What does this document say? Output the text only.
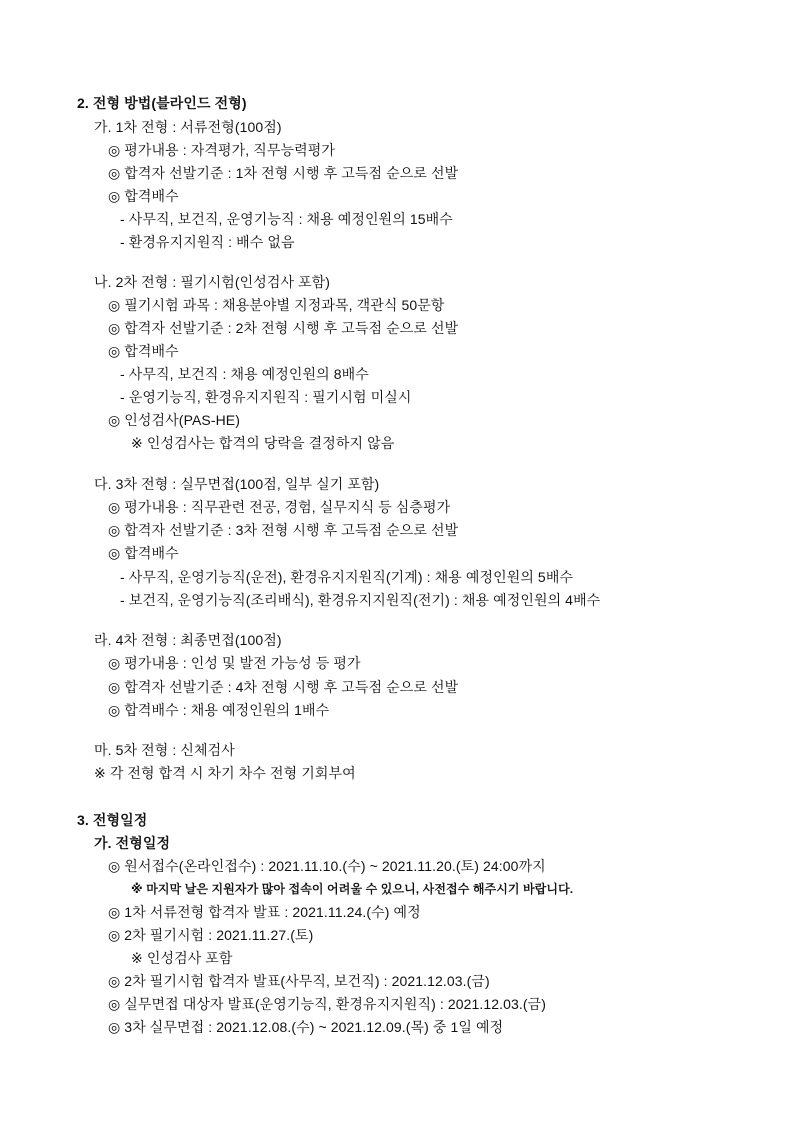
2. 전형 방법(블라인드 전형)
가. 1차 전형 : 서류전형(100점)
◎ 평가내용 : 자격평가, 직무능력평가
◎ 합격자 선발기준 : 1차 전형 시행 후 고득점 순으로 선발
◎ 합격배수
- 사무직, 보건직, 운영기능직 : 채용 예정인원의 15배수
- 환경유지지원직 : 배수 없음
나. 2차 전형 : 필기시험(인성검사 포함)
◎ 필기시험 과목 : 채용분야별 지정과목, 객관식 50문항
◎ 합격자 선발기준 : 2차 전형 시행 후 고득점 순으로 선발
◎ 합격배수
- 사무직, 보건직 : 채용 예정인원의 8배수
- 운영기능직, 환경유지지원직 : 필기시험 미실시
◎ 인성검사(PAS-HE)
※ 인성검사는 합격의 당락을 결정하지 않음
다. 3차 전형 : 실무면접(100점, 일부 실기 포함)
◎ 평가내용 : 직무관련 전공, 경험, 실무지식 등 심층평가
◎ 합격자 선발기준 : 3차 전형 시행 후 고득점 순으로 선발
◎ 합격배수
- 사무직, 운영기능직(운전), 환경유지지원직(기계) : 채용 예정인원의 5배수
- 보건직, 운영기능직(조리배식), 환경유지지원직(전기) : 채용 예정인원의 4배수
라. 4차 전형 : 최종면접(100점)
◎ 평가내용 : 인성 및 발전 가능성 등 평가
◎ 합격자 선발기준 : 4차 전형 시행 후 고득점 순으로 선발
◎ 합격배수 : 채용 예정인원의 1배수
마. 5차 전형 : 신체검사
※ 각 전형 합격 시 차기 차수 전형 기회부여
3. 전형일정
가. 전형일정
◎ 원서접수(온라인접수) : 2021.11.10.(수) ~ 2021.11.20.(토) 24:00까지
※ 마지막 날은 지원자가 많아 접속이 어려울 수 있으니, 사전접수 해주시기 바랍니다.
◎ 1차 서류전형 합격자 발표 : 2021.11.24.(수) 예정
◎ 2차 필기시험 : 2021.11.27.(토)
※ 인성검사 포함
◎ 2차 필기시험 합격자 발표(사무직, 보건직) : 2021.12.03.(금)
◎ 실무면접 대상자 발표(운영기능직, 환경유지지원직) : 2021.12.03.(금)
◎ 3차 실무면접 : 2021.12.08.(수) ~ 2021.12.09.(목) 중 1일 예정
